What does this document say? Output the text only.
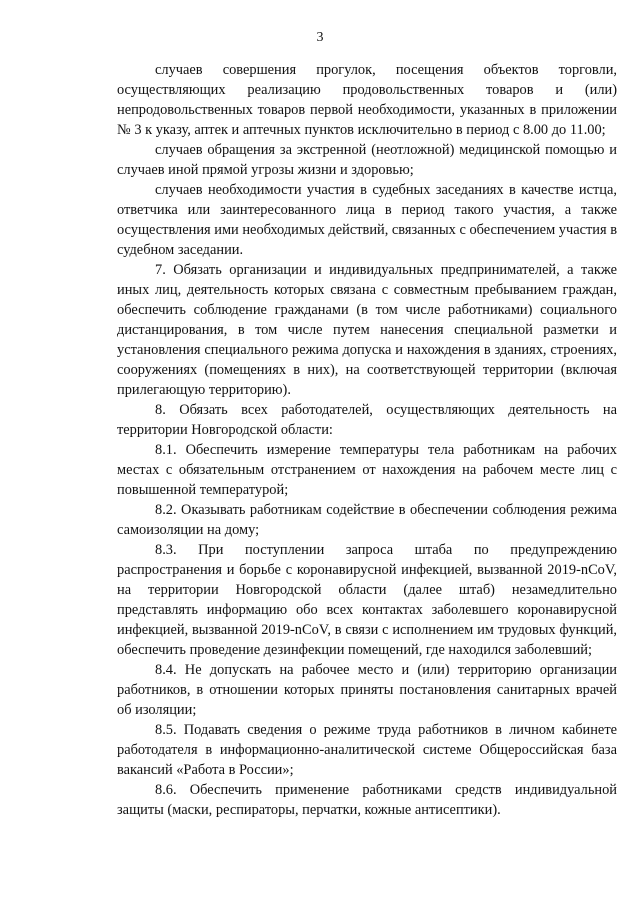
3

случаев совершения прогулок, посещения объектов торговли, осуществляющих реализацию продовольственных товаров и (или) непродовольственных товаров первой необходимости, указанных в приложении № 3 к указу, аптек и аптечных пунктов исключительно в период с 8.00 до 11.00;

случаев обращения за экстренной (неотложной) медицинской помощью и случаев иной прямой угрозы жизни и здоровью;

случаев необходимости участия в судебных заседаниях в качестве истца, ответчика или заинтересованного лица в период такого участия, а также осуществления ими необходимых действий, связанных с обеспечением участия в судебном заседании.

7. Обязать организации и индивидуальных предпринимателей, а также иных лиц, деятельность которых связана с совместным пребыванием граждан, обеспечить соблюдение гражданами (в том числе работниками) социального дистанцирования, в том числе путем нанесения специальной разметки и установления специального режима допуска и нахождения в зданиях, строениях, сооружениях (помещениях в них), на соответствующей территории (включая прилегающую территорию).

8. Обязать всех работодателей, осуществляющих деятельность на территории Новгородской области:

8.1. Обеспечить измерение температуры тела работникам на рабочих местах с обязательным отстранением от нахождения на рабочем месте лиц с повышенной температурой;

8.2. Оказывать работникам содействие в обеспечении соблюдения режима самоизоляции на дому;

8.3. При поступлении запроса штаба по предупреждению распространения и борьбе с коронавирусной инфекцией, вызванной 2019-nCoV, на территории Новгородской области (далее штаб) незамедлительно представлять информацию обо всех контактах заболевшего коронавирусной инфекцией, вызванной 2019-nCoV, в связи с исполнением им трудовых функций, обеспечить проведение дезинфекции помещений, где находился заболевший;

8.4. Не допускать на рабочее место и (или) территорию организации работников, в отношении которых приняты постановления санитарных врачей об изоляции;

8.5. Подавать сведения о режиме труда работников в личном кабинете работодателя в информационно-аналитической системе Общероссийская база вакансий «Работа в России»;

8.6. Обеспечить применение работниками средств индивидуальной защиты (маски, респираторы, перчатки, кожные антисептики).
